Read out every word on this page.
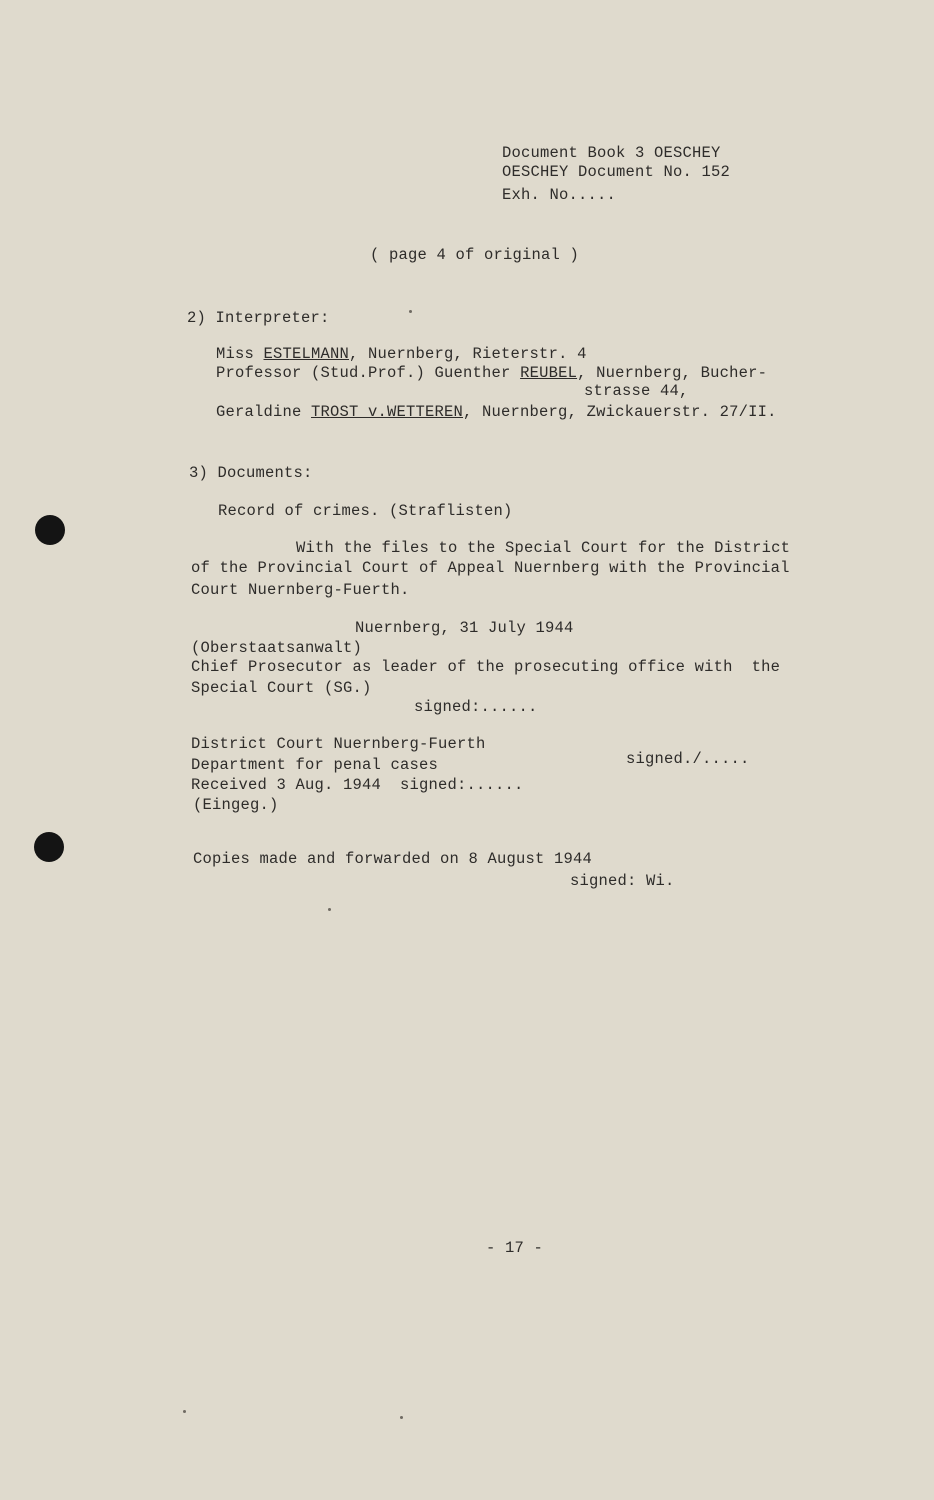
Document Book 3 OESCHEY
OESCHEY Document No. 152
Exh. No.....
( page 4 of original )
2) Interpreter:
Miss ESTELMANN, Nuernberg, Rieterstr. 4
Professor (Stud.Prof.) Guenther REUBEL, Nuernberg, Bucher-
strasse 44,
Geraldine TROST v.WETTEREN, Nuernberg, Zwickauerstr. 27/II.
3) Documents:
Record of crimes. (Straflisten)
With the files to the Special Court for the District
of the Provincial Court of Appeal Nuernberg with the Provincial
Court Nuernberg-Fuerth.
Nuernberg, 31 July 1944
(Oberstaatsanwalt)
Chief Prosecutor as leader of the prosecuting office with  the
Special Court (SG.)
signed:......
District Court Nuernberg-Fuerth
Department for penal cases
Received 3 Aug. 1944  signed:......
(Eingeg.)
signed./.....
Copies made and forwarded on 8 August 1944
signed: Wi.
- 17 -
